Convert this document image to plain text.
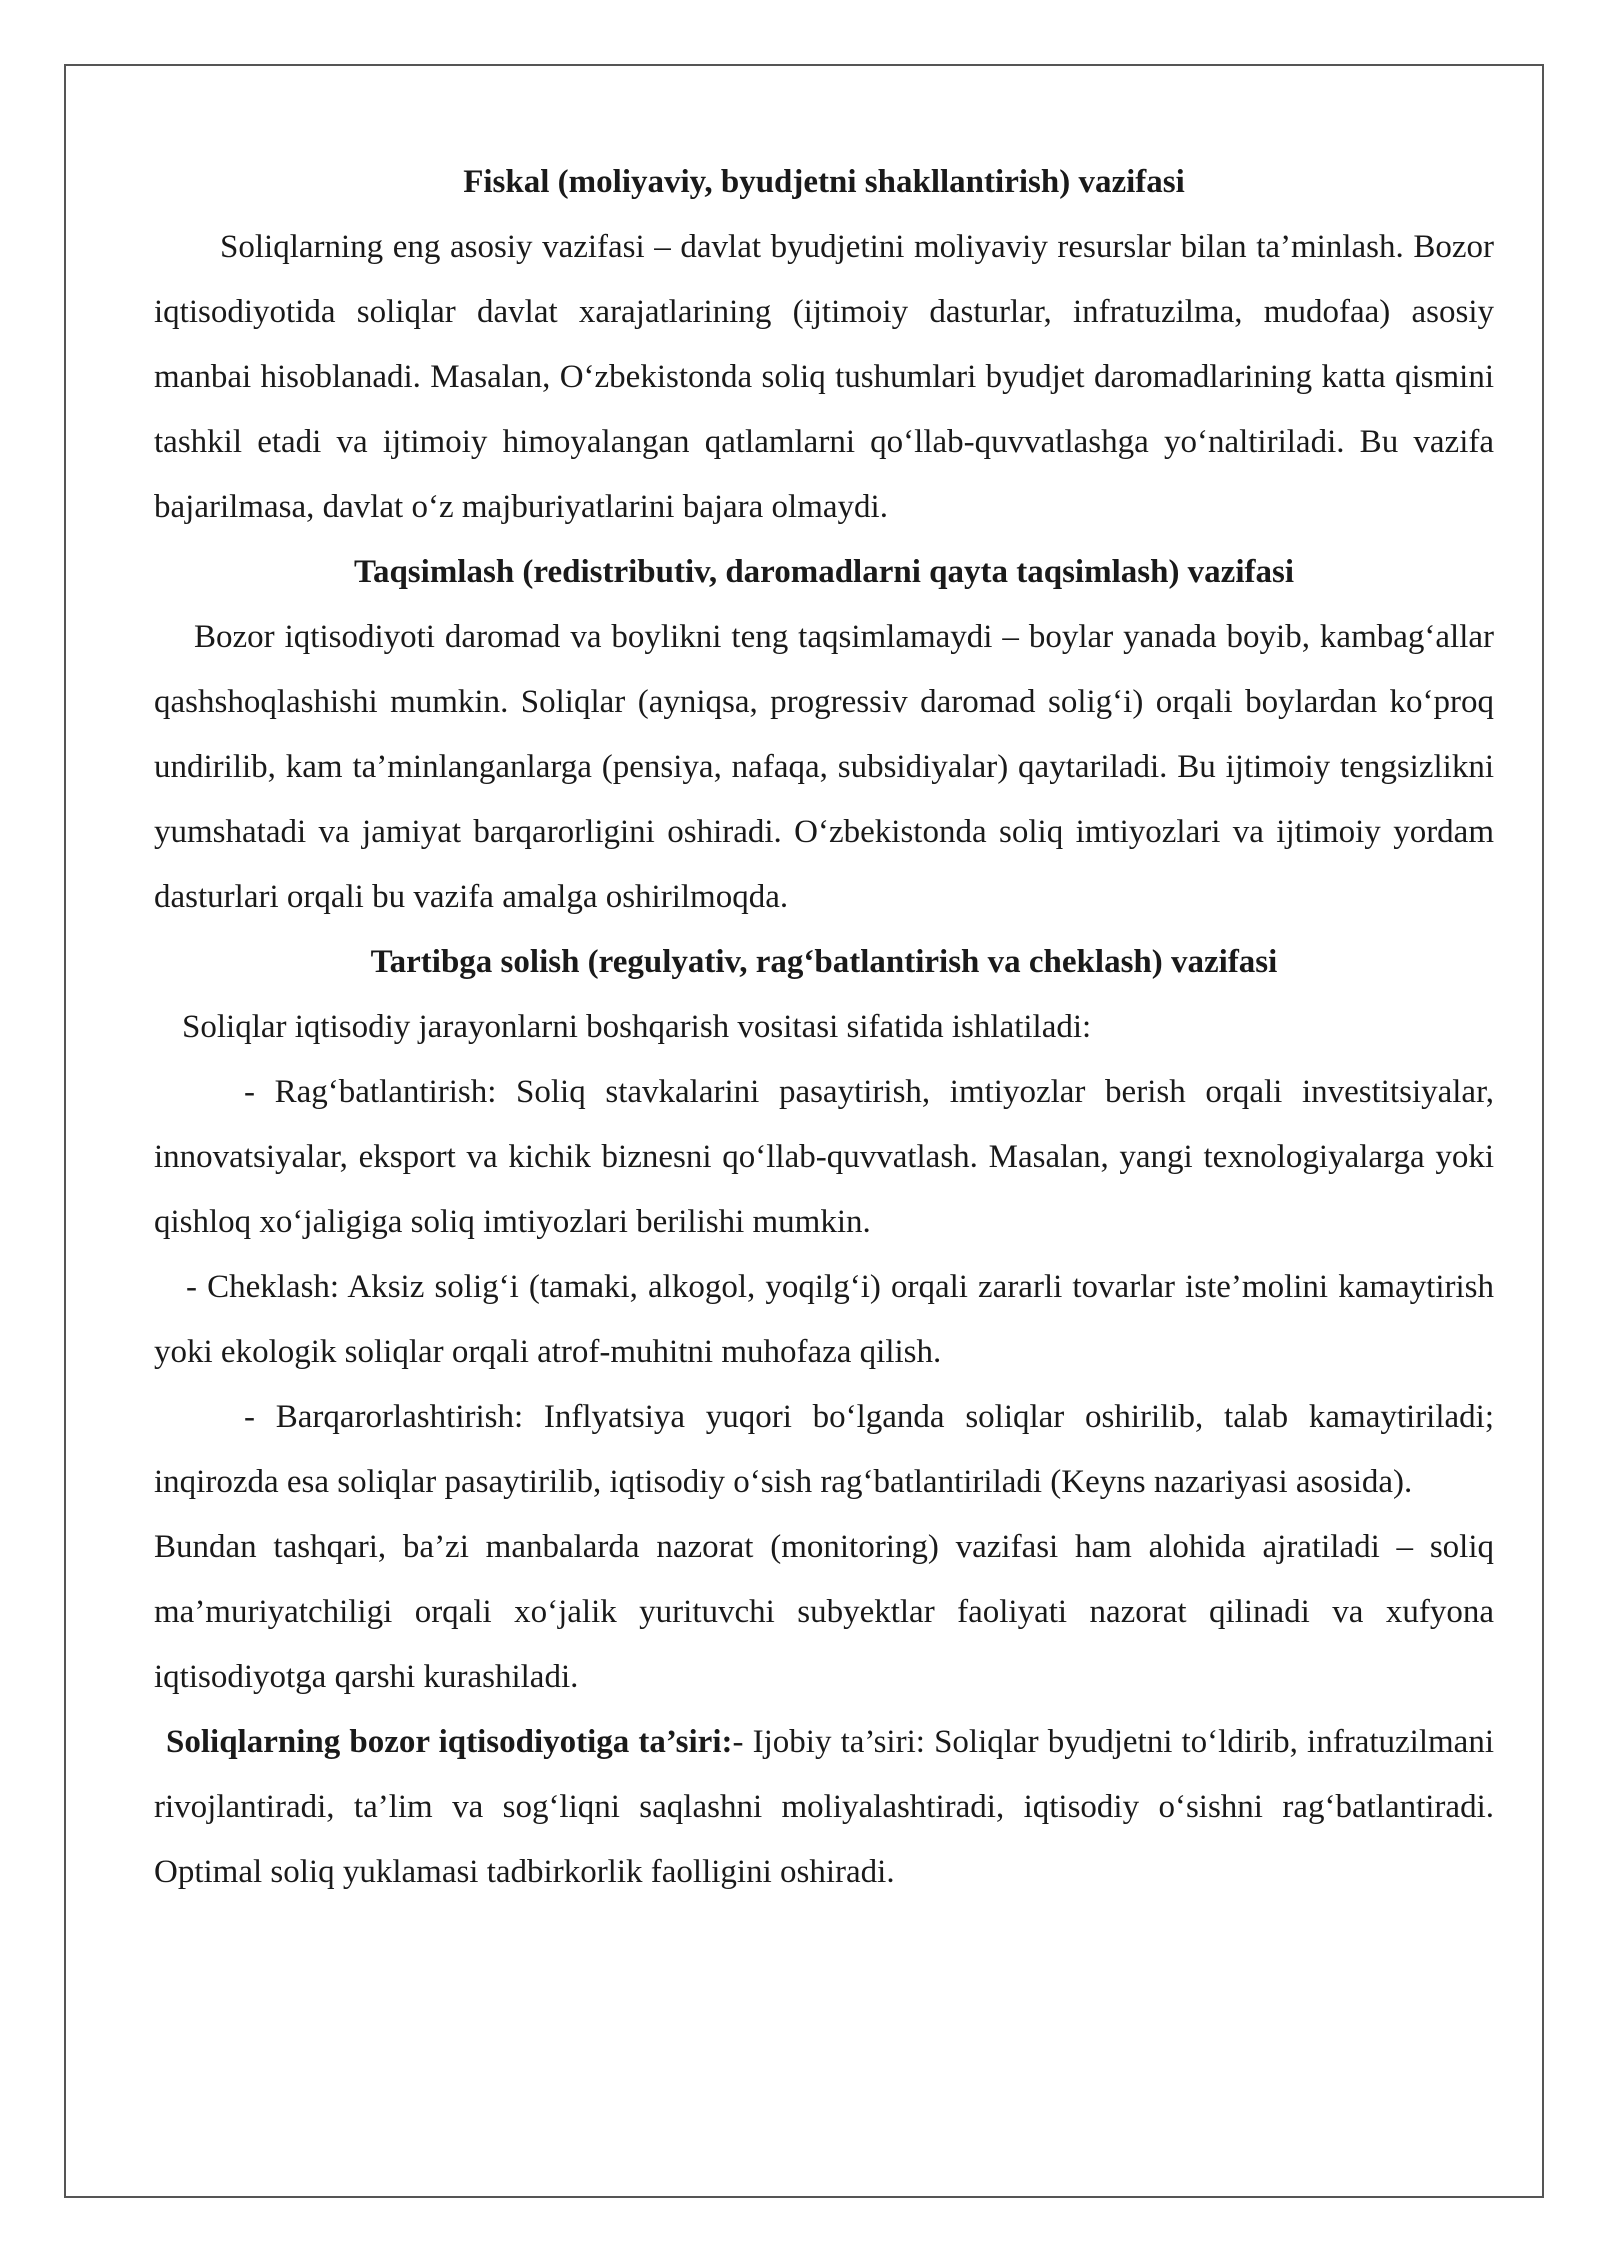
Fiskal (moliyaviy, byudjetni shakllantirish) vazifasi

Soliqlarning eng asosiy vazifasi – davlat byudjetini moliyaviy resurslar bilan ta’minlash. Bozor iqtisodiyotida soliqlar davlat xarajatlarining (ijtimoiy dasturlar, infratuzilma, mudofaa) asosiy manbai hisoblanadi. Masalan, O‘zbekistonda soliq tushumlari byudjet daromadlarining katta qismini tashkil etadi va ijtimoiy himoyalangan qatlamlarni qo‘llab-quvvatlashga yo‘naltiriladi. Bu vazifa bajarilmasa, davlat o‘z majburiyatlarini bajara olmaydi.

Taqsimlash (redistributiv, daromadlarni qayta taqsimlash) vazifasi

Bozor iqtisodiyoti daromad va boylikni teng taqsimlamaydi – boylar yanada boyib, kambag‘allar qashshoqlashishi mumkin. Soliqlar (ayniqsa, progressiv daromad solig‘i) orqali boylardan ko‘proq undirilib, kam ta’minlanganlarga (pensiya, nafaqa, subsidiyalar) qaytariladi. Bu ijtimoiy tengsizlikni yumshatadi va jamiyat barqarorligini oshiradi. O‘zbekistonda soliq imtiyozlari va ijtimoiy yordam dasturlari orqali bu vazifa amalga oshirilmoqda.

Tartibga solish (regulyativ, rag‘batlantirish va cheklash) vazifasi

Soliqlar iqtisodiy jarayonlarni boshqarish vositasi sifatida ishlatiladi:

- Rag‘batlantirish: Soliq stavkalarini pasaytirish, imtiyozlar berish orqali investitsiyalar, innovatsiyalar, eksport va kichik biznesni qo‘llab-quvvatlash. Masalan, yangi texnologiyalarga yoki qishloq xo‘jaligiga soliq imtiyozlari berilishi mumkin.

- Cheklash: Aksiz solig‘i (tamaki, alkogol, yoqilg‘i) orqali zararli tovarlar iste’molini kamaytirish yoki ekologik soliqlar orqali atrof-muhitni muhofaza qilish.

- Barqarorlashtirish: Inflyatsiya yuqori bo‘lganda soliqlar oshirilib, talab kamaytiriladi; inqirozda esa soliqlar pasaytirilib, iqtisodiy o‘sish rag‘batlantiriladi (Keyns nazariyasi asosida).

Bundan tashqari, ba’zi manbalarda nazorat (monitoring) vazifasi ham alohida ajratiladi – soliq ma’muriyatchiligi orqali xo‘jalik yurituvchi subyektlar faoliyati nazorat qilinadi va xufyona iqtisodiyotga qarshi kurashiladi.

Soliqlarning bozor iqtisodiyotiga ta’siri:- Ijobiy ta’siri: Soliqlar byudjetni to‘ldirib, infratuzilmani rivojlantiradi, ta’lim va sog‘liqni saqlashni moliyalashtiradi, iqtisodiy o‘sishni rag‘batlantiradi. Optimal soliq yuklamasi tadbirkorlik faolligini oshiradi.
